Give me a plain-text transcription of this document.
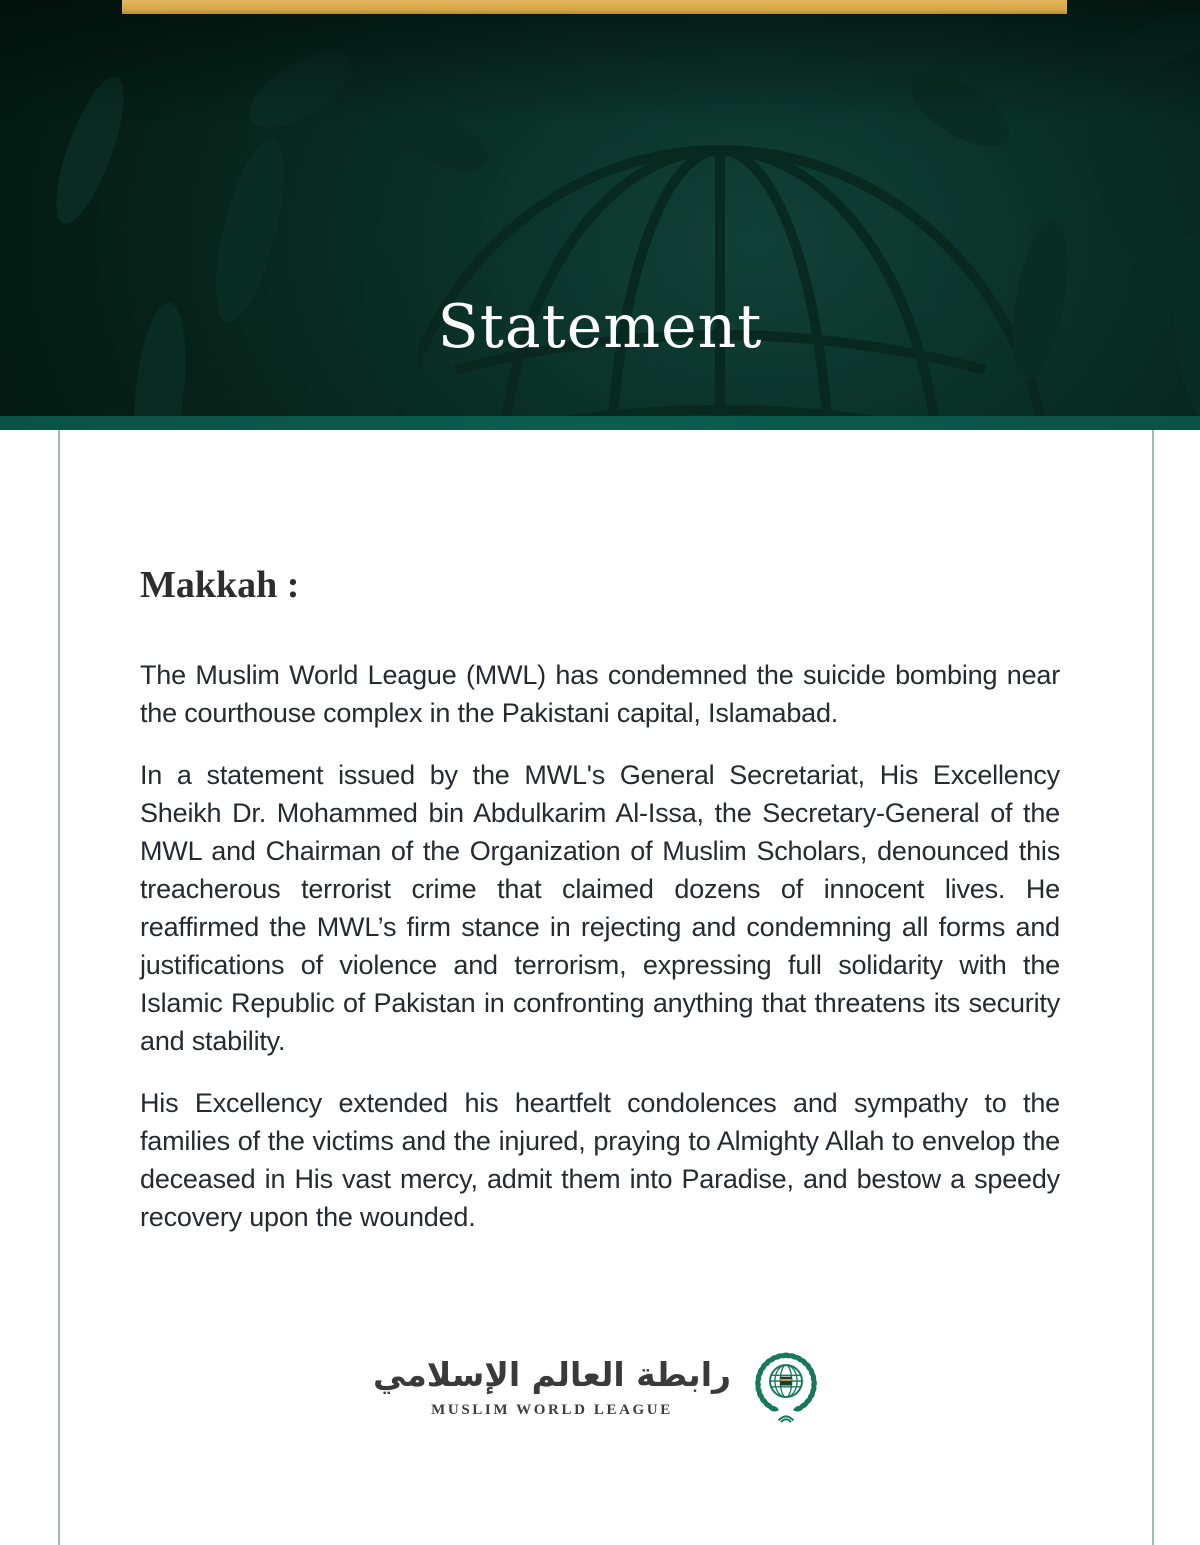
Statement
Makkah :

The Muslim World League (MWL) has condemned the suicide bombing near the courthouse complex in the Pakistani capital, Islamabad.

In a statement issued by the MWL's General Secretariat, His Excellency Sheikh Dr. Mohammed bin Abdulkarim Al-Issa, the Secretary-General of the MWL and Chairman of the Organization of Muslim Scholars, denounced this treacherous terrorist crime that claimed dozens of innocent lives. He reaffirmed the MWL’s firm stance in rejecting and condemning all forms and justifications of violence and terrorism, expressing full solidarity with the Islamic Republic of Pakistan in confronting anything that threatens its security and stability.

His Excellency extended his heartfelt condolences and sympathy to the families of the victims and the injured, praying to Almighty Allah to envelop the deceased in His vast mercy, admit them into Paradise, and bestow a speedy recovery upon the wounded.

رابطة العالم الإسلامي
MUSLIM WORLD LEAGUE
